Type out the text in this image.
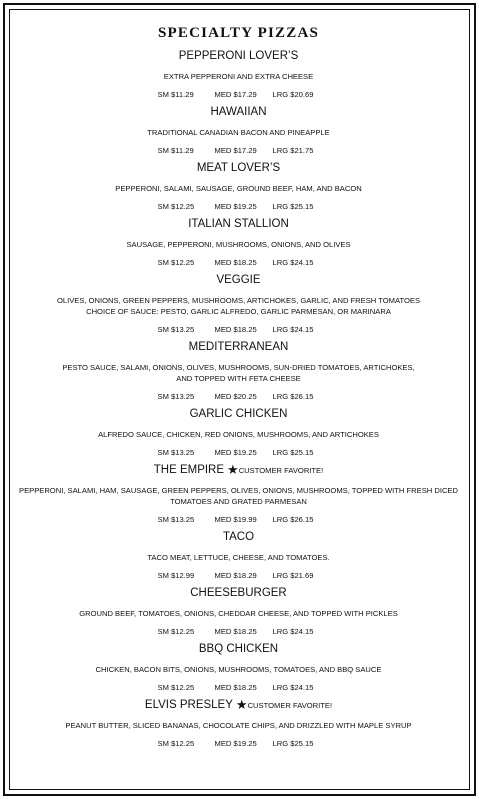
SPECIALTY PIZZAS
PEPPERONI LOVER’S
EXTRA PEPPERONI AND EXTRA CHEESE
SM $11.29	MED $17.29 LRG $20.69
HAWAIIAN
TRADITIONAL CANADIAN BACON AND PINEAPPLE
SM $11.29	MED $17.29 LRG $21.75
MEAT LOVER’S
PEPPERONI, SALAMI, SAUSAGE, GROUND BEEF, HAM, AND BACON
SM $12.25	MED $19.25 LRG $25.15
ITALIAN STALLION
SAUSAGE, PEPPERONI, MUSHROOMS, ONIONS, AND OLIVES
SM $12.25	MED $18.25 LRG $24.15
VEGGIE
OLIVES, ONIONS, GREEN PEPPERS, MUSHROOMS, ARTICHOKES, GARLIC, AND FRESH TOMATOES
CHOICE OF SAUCE: PESTO, GARLIC ALFREDO, GARLIC PARMESAN, OR MARINARA
SM $13.25	MED $18.25 LRG $24.15
MEDITERRANEAN
PESTO SAUCE, SALAMI, ONIONS, OLIVES, MUSHROOMS, SUN-DRIED TOMATOES, ARTICHOKES,
AND TOPPED WITH FETA CHEESE
SM $13.25	MED $20.25 LRG $26.15
GARLIC CHICKEN
ALFREDO SAUCE, CHICKEN, RED ONIONS, MUSHROOMS, AND ARTICHOKES
SM $13.25	MED $19.25 LRG $25.15
THE EMPIRE ★CUSTOMER FAVORITE!
PEPPERONI, SALAMI, HAM, SAUSAGE, GREEN PEPPERS, OLIVES, ONIONS, MUSHROOMS, TOPPED WITH FRESH DICED
TOMATOES AND GRATED PARMESAN
SM $13.25	MED $19.99 LRG $26.15
TACO
TACO MEAT, LETTUCE, CHEESE, AND TOMATOES.
SM $12.99	MED $18.29 LRG $21.69
CHEESEBURGER
GROUND BEEF, TOMATOES, ONIONS, CHEDDAR CHEESE, AND TOPPED WITH PICKLES
SM $12.25	MED $18.25 LRG $24.15
BBQ CHICKEN
CHICKEN, BACON BITS, ONIONS, MUSHROOMS, TOMATOES, AND BBQ SAUCE
SM $12.25	MED $18.25 LRG $24.15
ELVIS PRESLEY ★CUSTOMER FAVORITE!
PEANUT BUTTER, SLICED BANANAS, CHOCOLATE CHIPS, AND DRIZZLED WITH MAPLE SYRUP
SM $12.25	MED $19.25 LRG $25.15
